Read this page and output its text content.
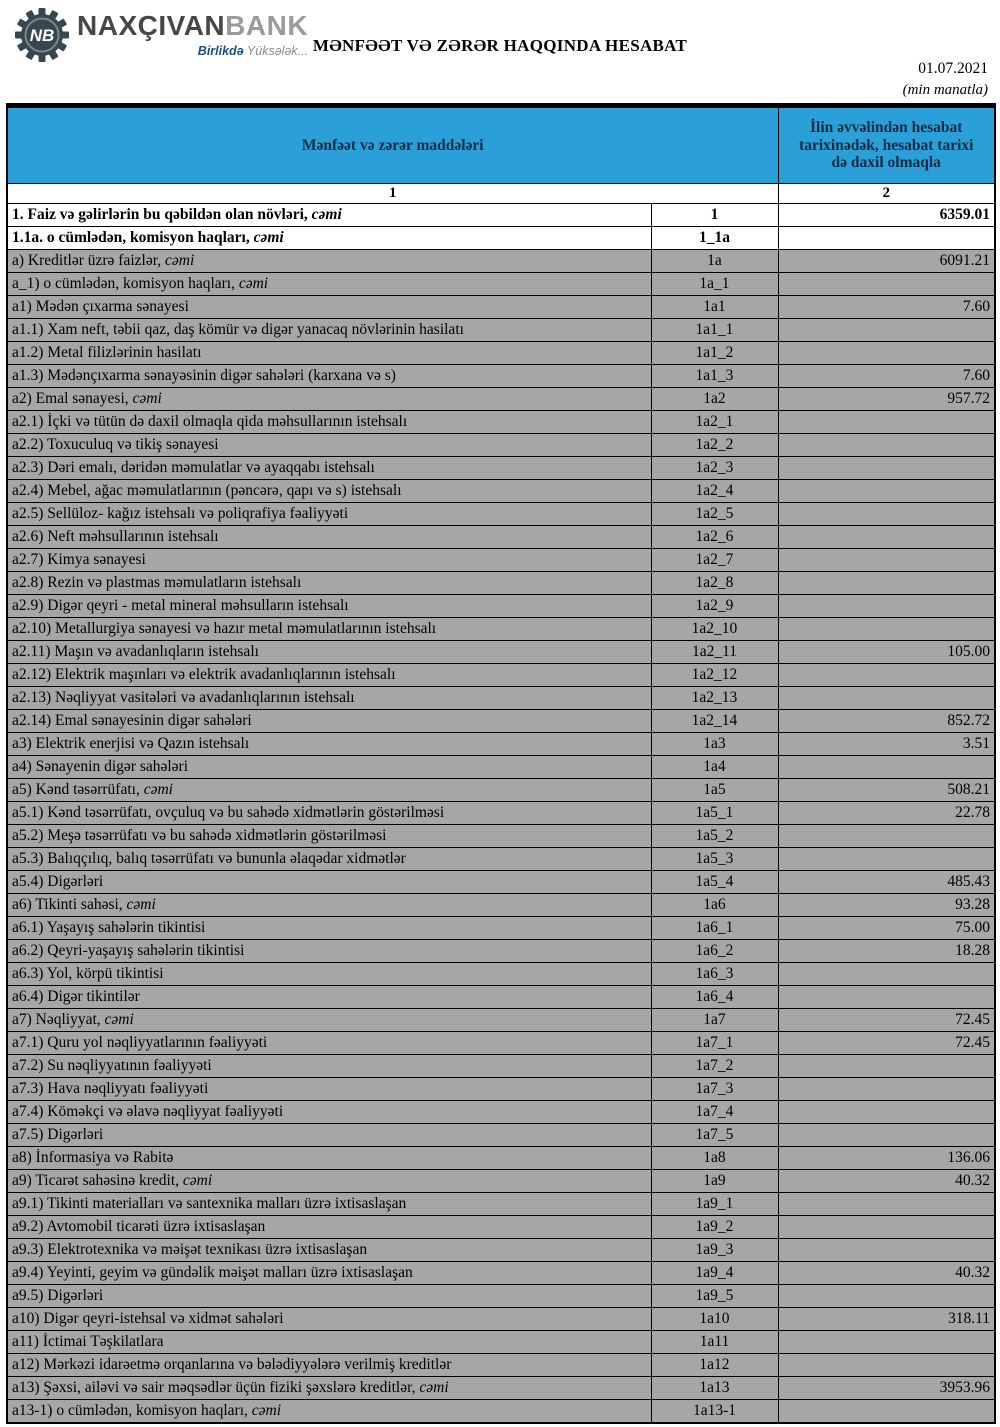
NB NAXÇIVANBANK
Birlikdə Yüksələk... MƏNFƏƏT VƏ ZƏRƏR HAQQINDA HESABAT
01.07.2021
(min manatla)
Mənfəət və zərər maddələri		İlin əvvəlindən hesabat tarixinədək, hesabat tarixi də daxil olmaqla
1		2
1. Faiz və gəlirlərin bu qəbildən olan növləri, cəmi	1	6359.01
1.1a. o cümlədən, komisyon haqları, cəmi	1_1a	
a) Kreditlər üzrə faizlər, cəmi	1a	6091.21
a_1) o cümlədən, komisyon haqları, cəmi	1a_1	
a1) Mədən çıxarma sənayesi	1a1	7.60
a1.1) Xam neft, təbii qaz, daş kömür və digər yanacaq növlərinin hasilatı	1a1_1	
a1.2) Metal filizlərinin hasilatı	1a1_2	
a1.3) Mədənçıxarma sənayəsinin digər sahələri (karxana və s)	1a1_3	7.60
a2) Emal sənayesi, cəmi	1a2	957.72
a2.1) İçki və tütün də daxil olmaqla qida məhsullarının istehsalı	1a2_1	
a2.2) Toxuculuq və tikiş sənayesi	1a2_2	
a2.3) Dəri emalı, dəridən məmulatlar və ayaqqabı istehsalı	1a2_3	
a2.4) Mebel, ağac məmulatlarının (pəncərə, qapı və s) istehsalı	1a2_4	
a2.5) Sellüloz- kağız istehsalı və poliqrafiya fəaliyyəti	1a2_5	
a2.6) Neft məhsullarının istehsalı	1a2_6	
a2.7) Kimya sənayesi	1a2_7	
a2.8) Rezin və plastmas məmulatların istehsalı	1a2_8	
a2.9) Digər qeyri - metal mineral məhsulların istehsalı	1a2_9	
a2.10) Metallurgiya sənayesi və hazır metal məmulatlarının istehsalı	1a2_10	
a2.11) Maşın və avadanlıqların istehsalı	1a2_11	105.00
a2.12) Elektrik maşınları və elektrik avadanlıqlarının istehsalı	1a2_12	
a2.13) Nəqliyyat vasitələri və avadanlıqlarının istehsalı	1a2_13	
a2.14) Emal sənayesinin digər sahələri	1a2_14	852.72
a3) Elektrik enerjisi və Qazın istehsalı	1a3	3.51
a4) Sənayenin digər sahələri	1a4	
a5) Kənd təsərrüfatı, cəmi	1a5	508.21
a5.1) Kənd təsərrüfatı, ovçuluq və bu sahədə xidmətlərin göstərilməsi	1a5_1	22.78
a5.2) Meşə təsərrüfatı və bu sahədə xidmətlərin göstərilməsi	1a5_2	
a5.3) Balıqçılıq, balıq təsərrüfatı və bununla əlaqədar xidmətlər	1a5_3	
a5.4) Digərləri	1a5_4	485.43
a6) Tikinti sahəsi, cəmi	1a6	93.28
a6.1) Yaşayış sahələrin tikintisi	1a6_1	75.00
a6.2) Qeyri-yaşayış sahələrin tikintisi	1a6_2	18.28
a6.3) Yol, körpü tikintisi	1a6_3	
a6.4) Digər tikintilər	1a6_4	
a7) Nəqliyyat, cəmi	1a7	72.45
a7.1) Quru yol nəqliyyatlarının fəaliyyəti	1a7_1	72.45
a7.2) Su nəqliyyatının fəaliyyəti	1a7_2	
a7.3) Hava nəqliyyatı fəaliyyəti	1a7_3	
a7.4) Köməkçi və əlavə nəqliyyat fəaliyyəti	1a7_4	
a7.5) Digərləri	1a7_5	
a8) İnformasiya və Rabitə	1a8	136.06
a9) Ticarət sahəsinə kredit, cəmi	1a9	40.32
a9.1) Tikinti materialları və santexnika malları üzrə ixtisaslaşan	1a9_1	
a9.2) Avtomobil ticarəti üzrə ixtisaslaşan	1a9_2	
a9.3) Elektrotexnika və məişət texnikası üzrə ixtisaslaşan	1a9_3	
a9.4) Yeyinti, geyim və gündəlik məişət malları üzrə ixtisaslaşan	1a9_4	40.32
a9.5) Digərləri	1a9_5	
a10) Digər qeyri-istehsal və xidmət sahələri	1a10	318.11
a11) İctimai Təşkilatlara	1a11	
a12) Mərkəzi idarəetmə orqanlarına və bələdiyyələrə verilmiş kreditlər	1a12	
a13) Şəxsi, ailəvi və sair məqsədlər üçün fiziki şəxslərə kreditlər, cəmi	1a13	3953.96
a13-1) o cümlədən, komisyon haqları, cəmi	1a13-1	
